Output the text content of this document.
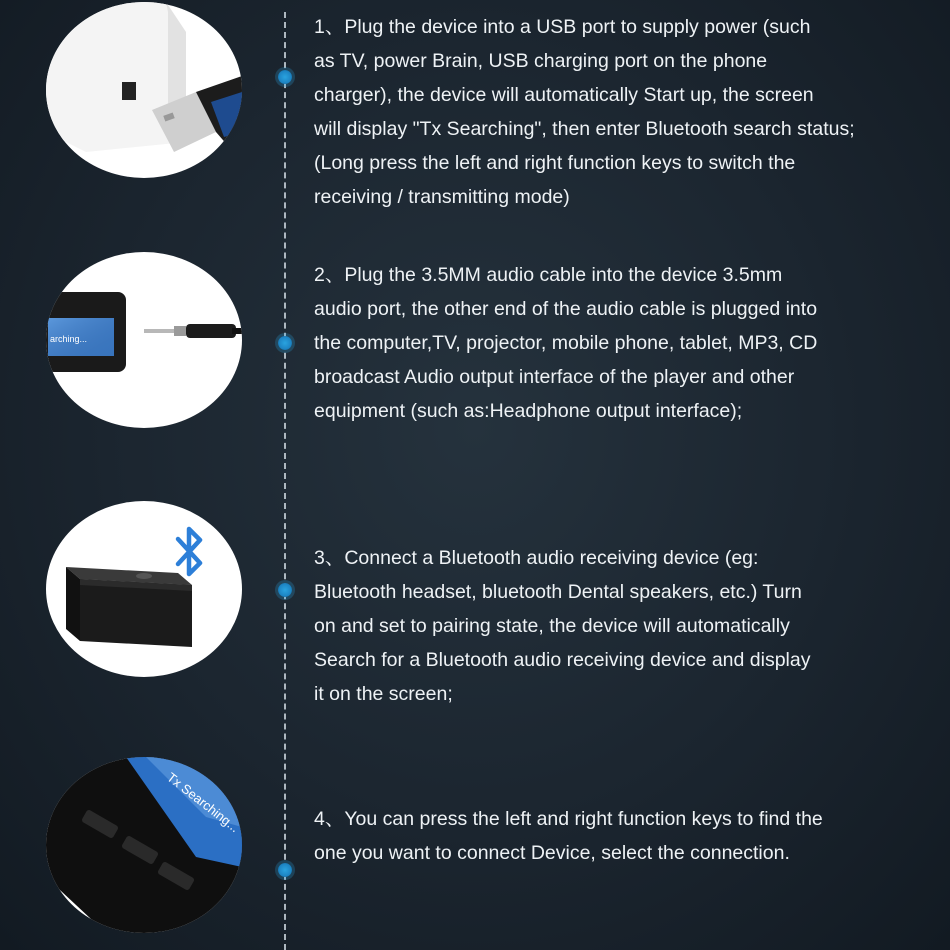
1、Plug the device into a USB port to supply power (such
as TV, power Brain, USB charging port on the phone
charger), the device will automatically Start up, the screen
will display "Tx Searching", then enter Bluetooth search status;
(Long press the left and right function keys to switch the
receiving / transmitting mode)
arching...
2、Plug the 3.5MM audio cable into the device 3.5mm
audio port, the other end of the audio cable is plugged into
the computer,TV, projector, mobile phone, tablet, MP3, CD
broadcast Audio output interface of the player and other
equipment (such as:Headphone output interface);
3、Connect a Bluetooth audio receiving device (eg:
Bluetooth headset, bluetooth Dental speakers, etc.) Turn
on and set to pairing state, the device will automatically
Search for a Bluetooth audio receiving device and display
it on the screen;
Tx Searching...	4、You can press the left and right function keys to find the
one you want to connect Device, select the connection.
